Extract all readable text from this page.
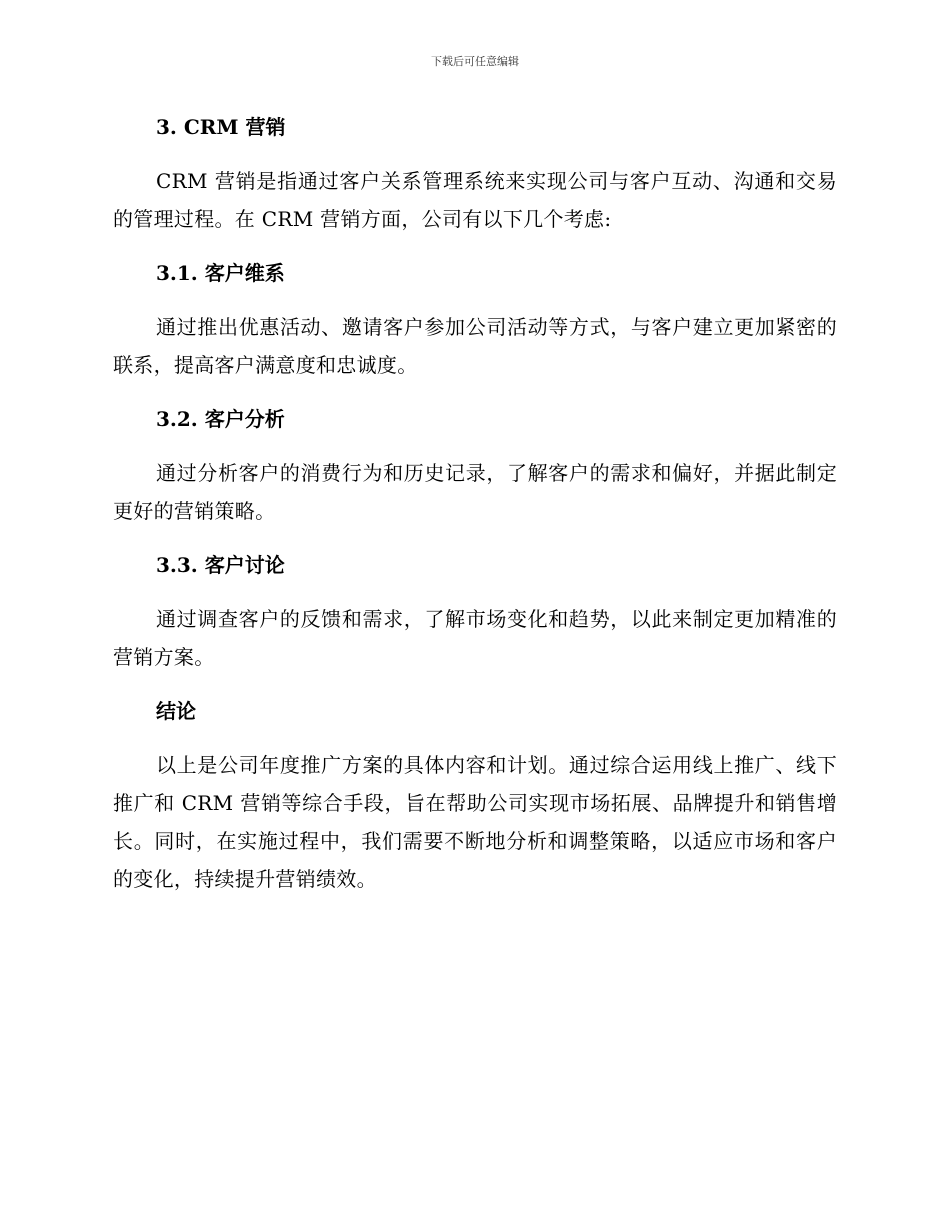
下载后可任意编辑
3. CRM 营销

CRM 营销是指通过客户关系管理系统来实现公司与客户互动、沟通和交易的管理过程。在 CRM 营销方面，公司有以下几个考虑:

3.1. 客户维系

通过推出优惠活动、邀请客户参加公司活动等方式，与客户建立更加紧密的联系，提高客户满意度和忠诚度。

3.2. 客户分析

通过分析客户的消费行为和历史记录，了解客户的需求和偏好，并据此制定更好的营销策略。

3.3. 客户讨论

通过调查客户的反馈和需求，了解市场变化和趋势，以此来制定更加精准的营销方案。

结论

以上是公司年度推广方案的具体内容和计划。通过综合运用线上推广、线下推广和 CRM 营销等综合手段，旨在帮助公司实现市场拓展、品牌提升和销售增长。同时，在实施过程中，我们需要不断地分析和调整策略，以适应市场和客户的变化，持续提升营销绩效。
